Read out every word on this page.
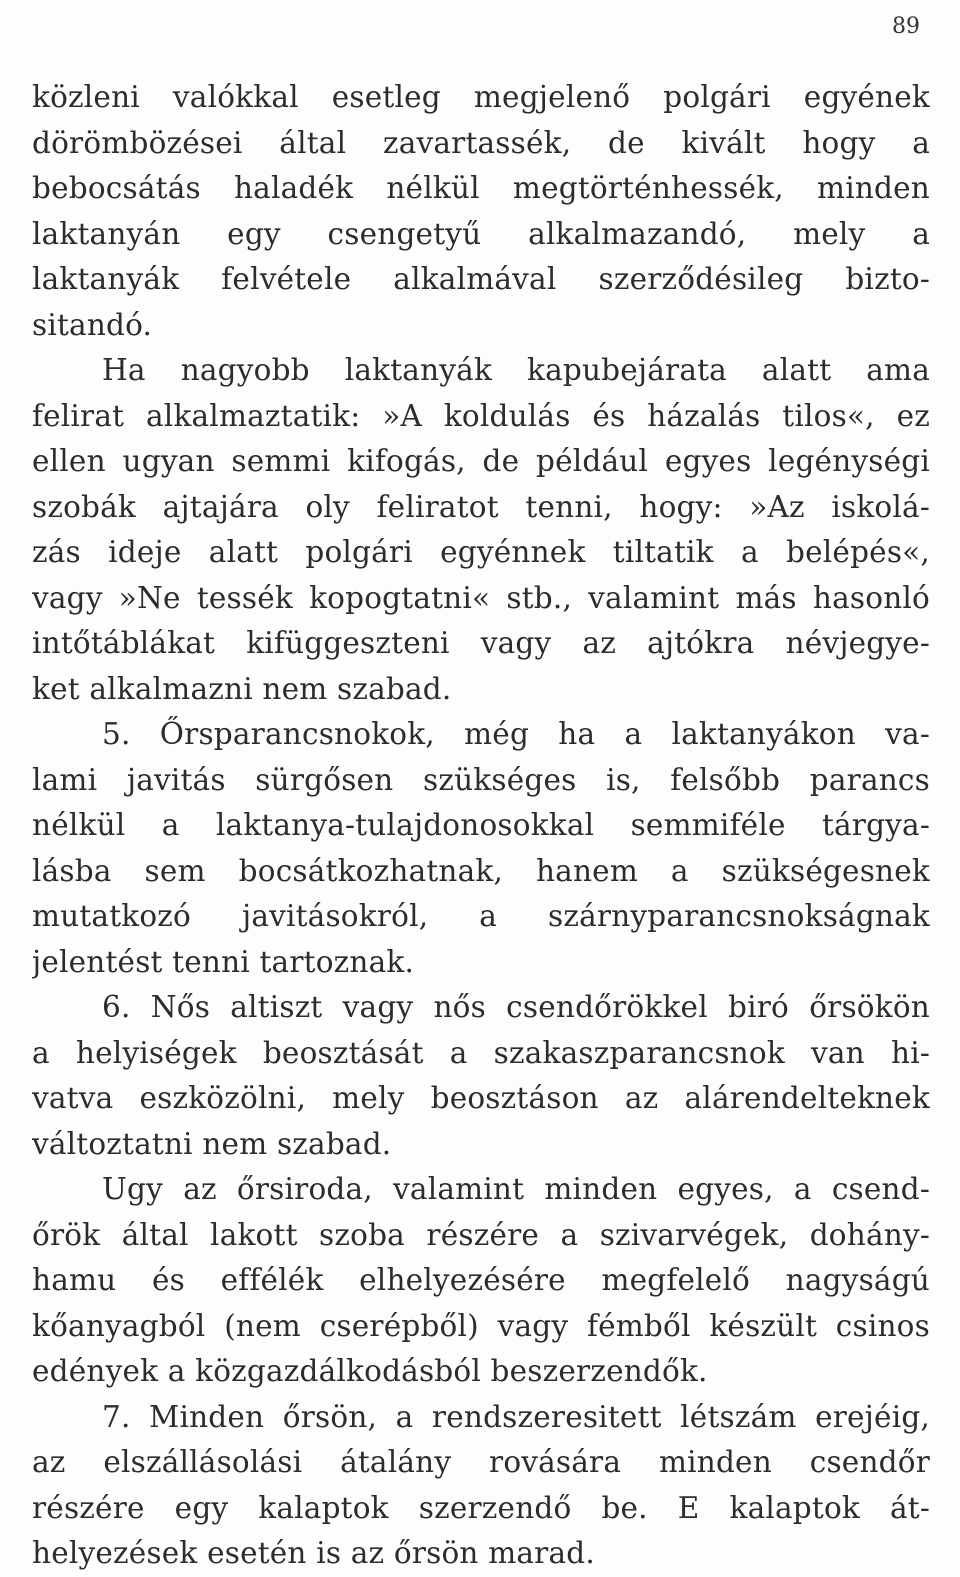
89
közleni valókkal esetleg megjelenő polgári egyének
dörömbözései által zavartassék, de kivált hogy a
bebocsátás haladék nélkül megtörténhessék, minden
laktanyán egy csengetyű alkalmazandó, mely a
laktanyák felvétele alkalmával szerződésileg bizto-
sitandó.
Ha nagyobb laktanyák kapubejárata alatt ama
felirat alkalmaztatik: »A koldulás és házalás tilos«, ez
ellen ugyan semmi kifogás, de például egyes legénységi
szobák ajtajára oly feliratot tenni, hogy: »Az iskolá-
zás ideje alatt polgári egyénnek tiltatik a belépés«,
vagy »Ne tessék kopogtatni« stb., valamint más hasonló
intőtáblákat kifüggeszteni vagy az ajtókra névjegye-
ket alkalmazni nem szabad.
5. Őrsparancsnokok, még ha a laktanyákon va-
lami javitás sürgősen szükséges is, felsőbb parancs
nélkül a laktanya-tulajdonosokkal semmiféle tárgya-
lásba sem bocsátkozhatnak, hanem a szükségesnek
mutatkozó javitásokról, a szárnyparancsnokságnak
jelentést tenni tartoznak.
6. Nős altiszt vagy nős csendőrökkel biró őrsökön
a helyiségek beosztását a szakaszparancsnok van hi-
vatva eszközölni, mely beosztáson az alárendelteknek
változtatni nem szabad.
Ugy az őrsiroda, valamint minden egyes, a csend-
őrök által lakott szoba részére a szivarvégek, dohány-
hamu és effélék elhelyezésére megfelelő nagyságú
kőanyagból (nem cserépből) vagy fémből készült csinos
edények a közgazdálkodásból beszerzendők.
7. Minden őrsön, a rendszeresitett létszám erejéig,
az elszállásolási átalány rovására minden csendőr
részére egy kalaptok szerzendő be. E kalaptok át-
helyezések esetén is az őrsön marad.
